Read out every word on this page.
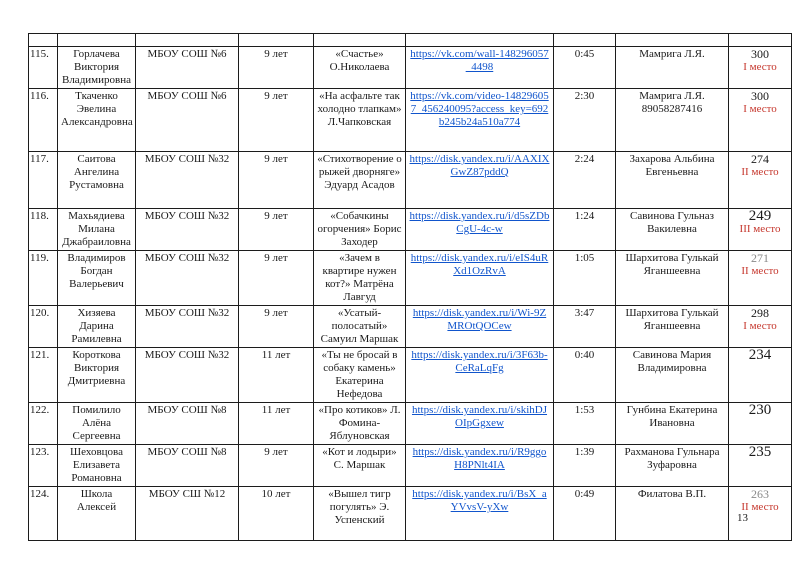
115.	Горлачева Виктория Владимировна	МБОУ СОШ №6	9 лет	«Счастье» О.Николаева	https://vk.com/wall-148296057_4498	0:45	Мамрига Л.Я.	300
I место

116.	Ткаченко Эвелина Александровна	МБОУ СОШ №6	9 лет	«На асфальте так холодно тлапкам» Л.Чапковская	https://vk.com/video-148296057_456240095?access_key=692b245b24a510a774	2:30	Мамрига Л.Я. 89058287416	300
I место

117.	Саитова Ангелина Рустамовна	МБОУ СОШ №32	9 лет	«Стихотворение о рыжей дворняге» Эдуард Асадов	https://disk.yandex.ru/i/AAXIXGwZ87pddQ	2:24	Захарова Альбина Евгеньевна	274
II место

118.	Махьядиева Милана Джабраиловна	МБОУ СОШ №32	9 лет	«Собачкины огорчения» Борис Заходер	https://disk.yandex.ru/i/d5sZDbCgU-4c-w	1:24	Савинова Гульназ Вакилевна	249
III место

119.	Владимиров Богдан Валерьевич	МБОУ СОШ №32	9 лет	«Зачем в квартире нужен кот?» Матрёна Лавгуд	https://disk.yandex.ru/i/eIS4uRXd1OzRvA	1:05	Шархитова Гулькай Яганшеевна	271
II место

120.	Хизяева Дарина Рамилевна	МБОУ СОШ №32	9 лет	«Усатый-полосатый» Самуил Маршак	https://disk.yandex.ru/i/Wi-9ZMROtQOCew	3:47	Шархитова Гулькай Яганшеевна	298
I место

121.	Короткова Виктория Дмитриевна	МБОУ СОШ №32	11 лет	«Ты не бросай в собаку камень» Екатерина Нефедова	https://disk.yandex.ru/i/3F63b-CeRaLqFg	0:40	Савинова Мария Владимировна	234

122.	Помилило Алёна Сергеевна	МБОУ СОШ №8	11 лет	«Про котиков» Л. Фомина-Яблуновская	https://disk.yandex.ru/i/skihDJOIpGgxew	1:53	Гунбина Екатерина Ивановна	230

123.	Шеховцова Елизавета Романовна	МБОУ СОШ №8	9 лет	«Кот и лодыри» С. Маршак	https://disk.yandex.ru/i/R9ggoH8PNlt4IA	1:39	Рахманова Гульнара Зуфаровна	235

124.	Школа Алексей	МБОУ СШ №12	10 лет	«Вышел тигр погулять» Э. Успенский	https://disk.yandex.ru/i/BsX_aYVvsV-yXw	0:49	Филатова В.П.	263
II место
13
